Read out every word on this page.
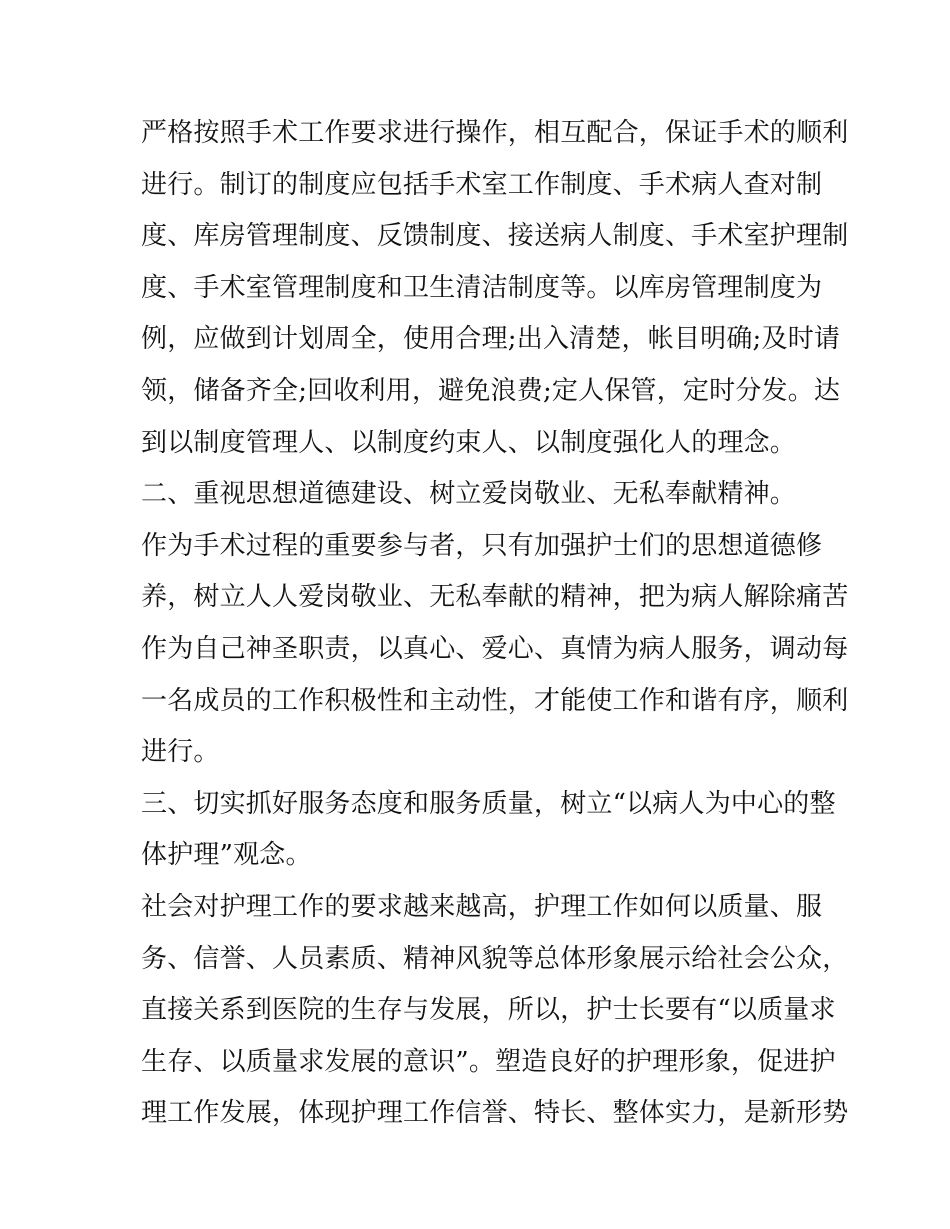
严格按照手术工作要求进行操作，相互配合，保证手术的顺利
进行。制订的制度应包括手术室工作制度、手术病人查对制
度、库房管理制度、反馈制度、接送病人制度、手术室护理制
度、手术室管理制度和卫生清洁制度等。以库房管理制度为
例，应做到计划周全，使用合理;出入清楚，帐目明确;及时请
领，储备齐全;回收利用，避免浪费;定人保管，定时分发。达
到以制度管理人、以制度约束人、以制度强化人的理念。
二、重视思想道德建设、树立爱岗敬业、无私奉献精神。
作为手术过程的重要参与者，只有加强护士们的思想道德修
养，树立人人爱岗敬业、无私奉献的精神，把为病人解除痛苦
作为自己神圣职责，以真心、爱心、真情为病人服务，调动每
一名成员的工作积极性和主动性，才能使工作和谐有序，顺利
进行。
三、切实抓好服务态度和服务质量，树立“以病人为中心的整
体护理”观念。
社会对护理工作的要求越来越高，护理工作如何以质量、服
务、信誉、人员素质、精神风貌等总体形象展示给社会公众，
直接关系到医院的生存与发展，所以，护士长要有“以质量求
生存、以质量求发展的意识”。塑造良好的护理形象，促进护
理工作发展，体现护理工作信誉、特长、整体实力，是新形势
